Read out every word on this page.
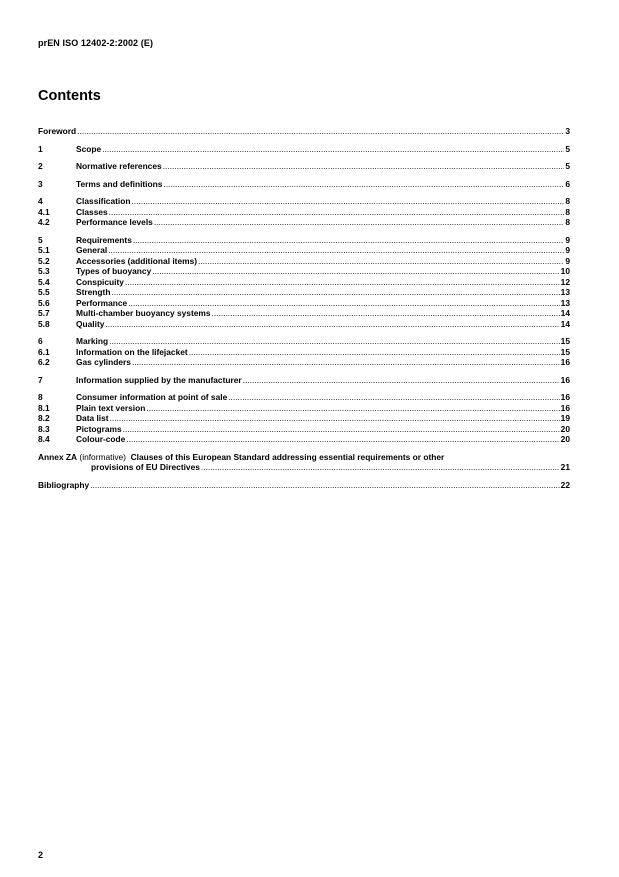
prEN ISO 12402-2:2002 (E)
Contents
Foreword .....	3
1	Scope .....	5
2	Normative references .....	5
3	Terms and definitions .....	6
4	Classification .....	8
4.1	Classes .....	8
4.2	Performance levels .....	8
5	Requirements .....	9
5.1	General .....	9
5.2	Accessories (additional items) .....	9
5.3	Types of buoyancy .....	10
5.4	Conspicuity .....	12
5.5	Strength .....	13
5.6	Performance .....	13
5.7	Multi-chamber buoyancy systems .....	14
5.8	Quality .....	14
6	Marking .....	15
6.1	Information on the lifejacket .....	15
6.2	Gas cylinders .....	16
7	Information supplied by the manufacturer .....	16
8	Consumer information at point of sale .....	16
8.1	Plain text version .....	16
8.2	Data list .....	19
8.3	Pictograms .....	20
8.4	Colour-code .....	20
Annex ZA
(informative)
Clauses of this European Standard addressing essential requirements or other
provisions of EU Directives .....	21
Bibliography .....	22
2
